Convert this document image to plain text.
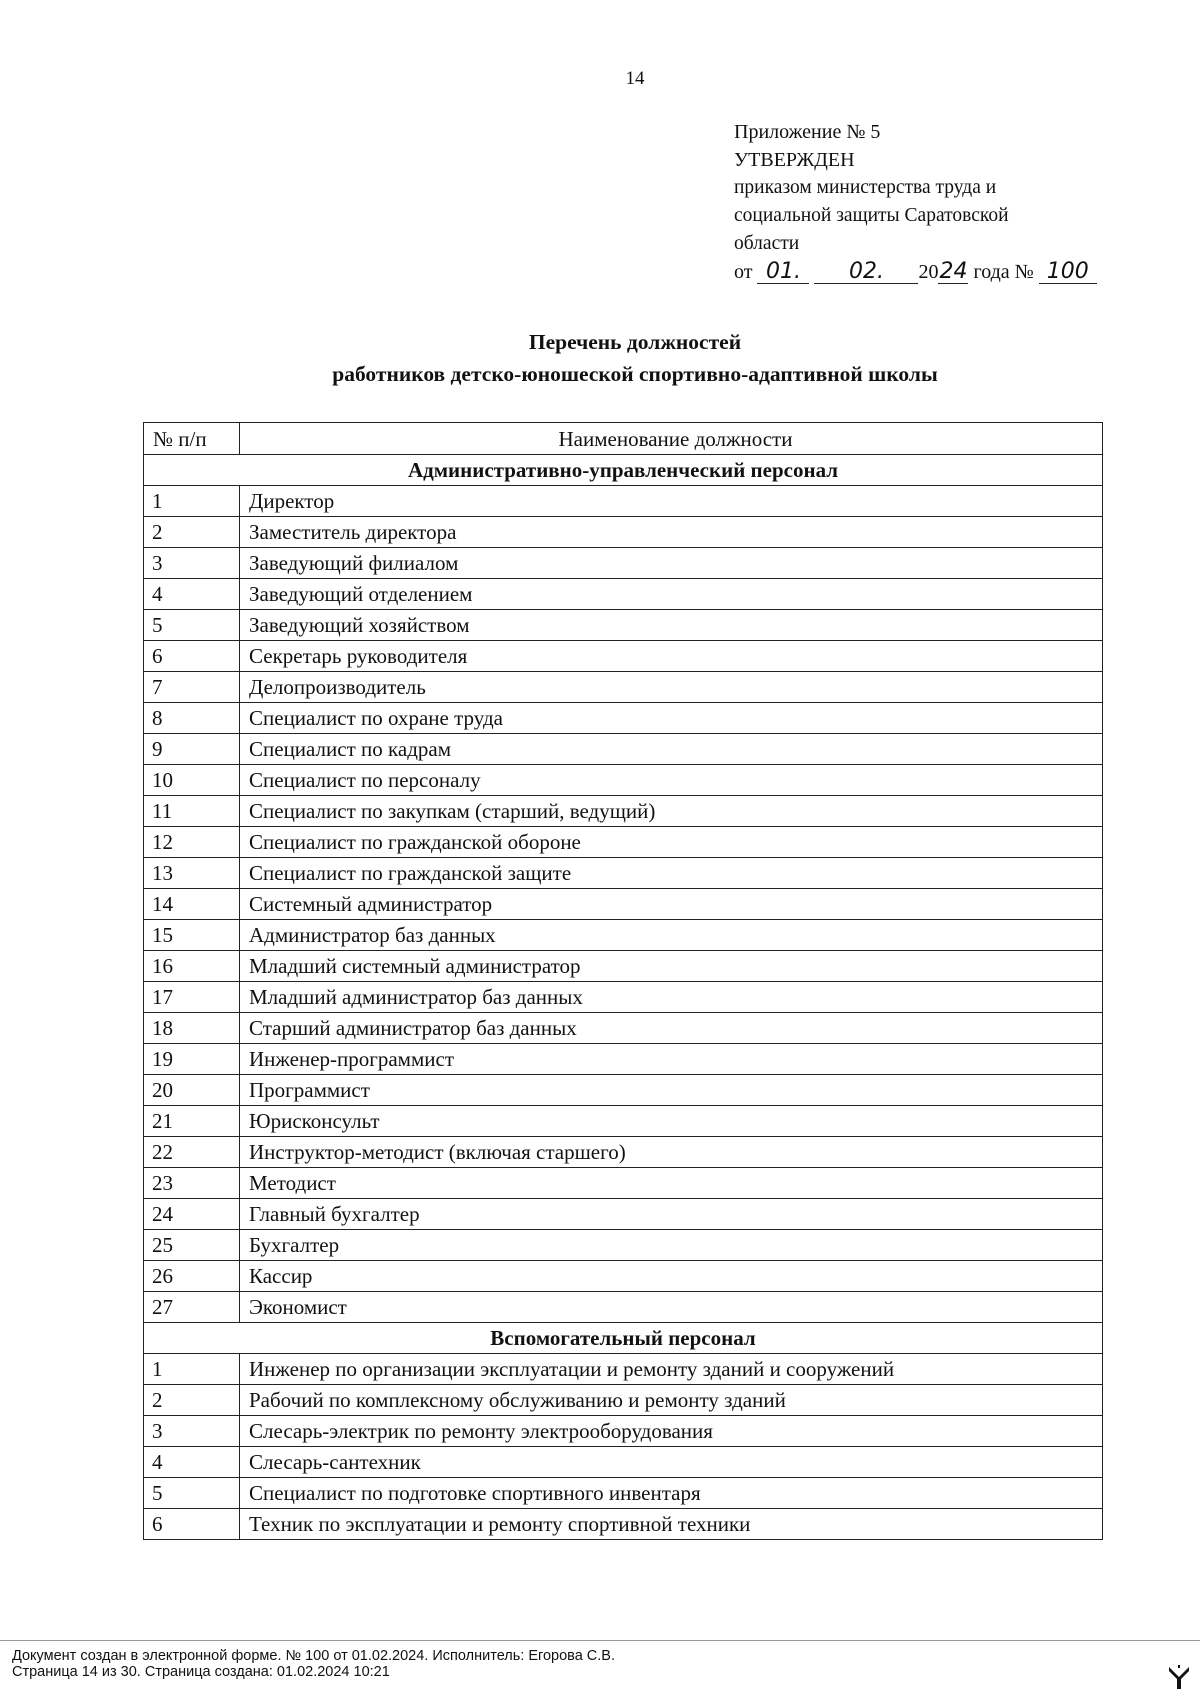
14
Приложение № 5
УТВЕРЖДЕН
приказом министерства труда и
социальной защиты Саратовской
области
от 01. 02. 2024 года № 100
Перечень должностей
работников детско-юношеской спортивно-адаптивной школы
№ п/п	Наименование должности
Административно-управленческий персонал	
1	Директор
2	Заместитель директора
3	Заведующий филиалом
4	Заведующий отделением
5	Заведующий хозяйством
6	Секретарь руководителя
7	Делопроизводитель
8	Специалист по охране труда
9	Специалист по кадрам
10	Специалист по персоналу
11	Специалист по закупкам (старший, ведущий)
12	Специалист по гражданской обороне
13	Специалист по гражданской защите
14	Системный администратор
15	Администратор баз данных
16	Младший системный администратор
17	Младший администратор баз данных
18	Старший администратор баз данных
19	Инженер-программист
20	Программист
21	Юрисконсульт
22	Инструктор-методист (включая старшего)
23	Методист
24	Главный бухгалтер
25	Бухгалтер
26	Кассир
27	Экономист
Вспомогательный персонал	
1	Инженер по организации эксплуатации и ремонту зданий и сооружений
2	Рабочий по комплексному обслуживанию и ремонту зданий
3	Слесарь-электрик по ремонту электрооборудования
4	Слесарь-сантехник
5	Специалист по подготовке спортивного инвентаря
6	Техник по эксплуатации и ремонту спортивной техники
Документ создан в электронной форме. № 100 от 01.02.2024. Исполнитель: Егорова С.В.
Страница 14 из 30. Страница создана: 01.02.2024 10:21
